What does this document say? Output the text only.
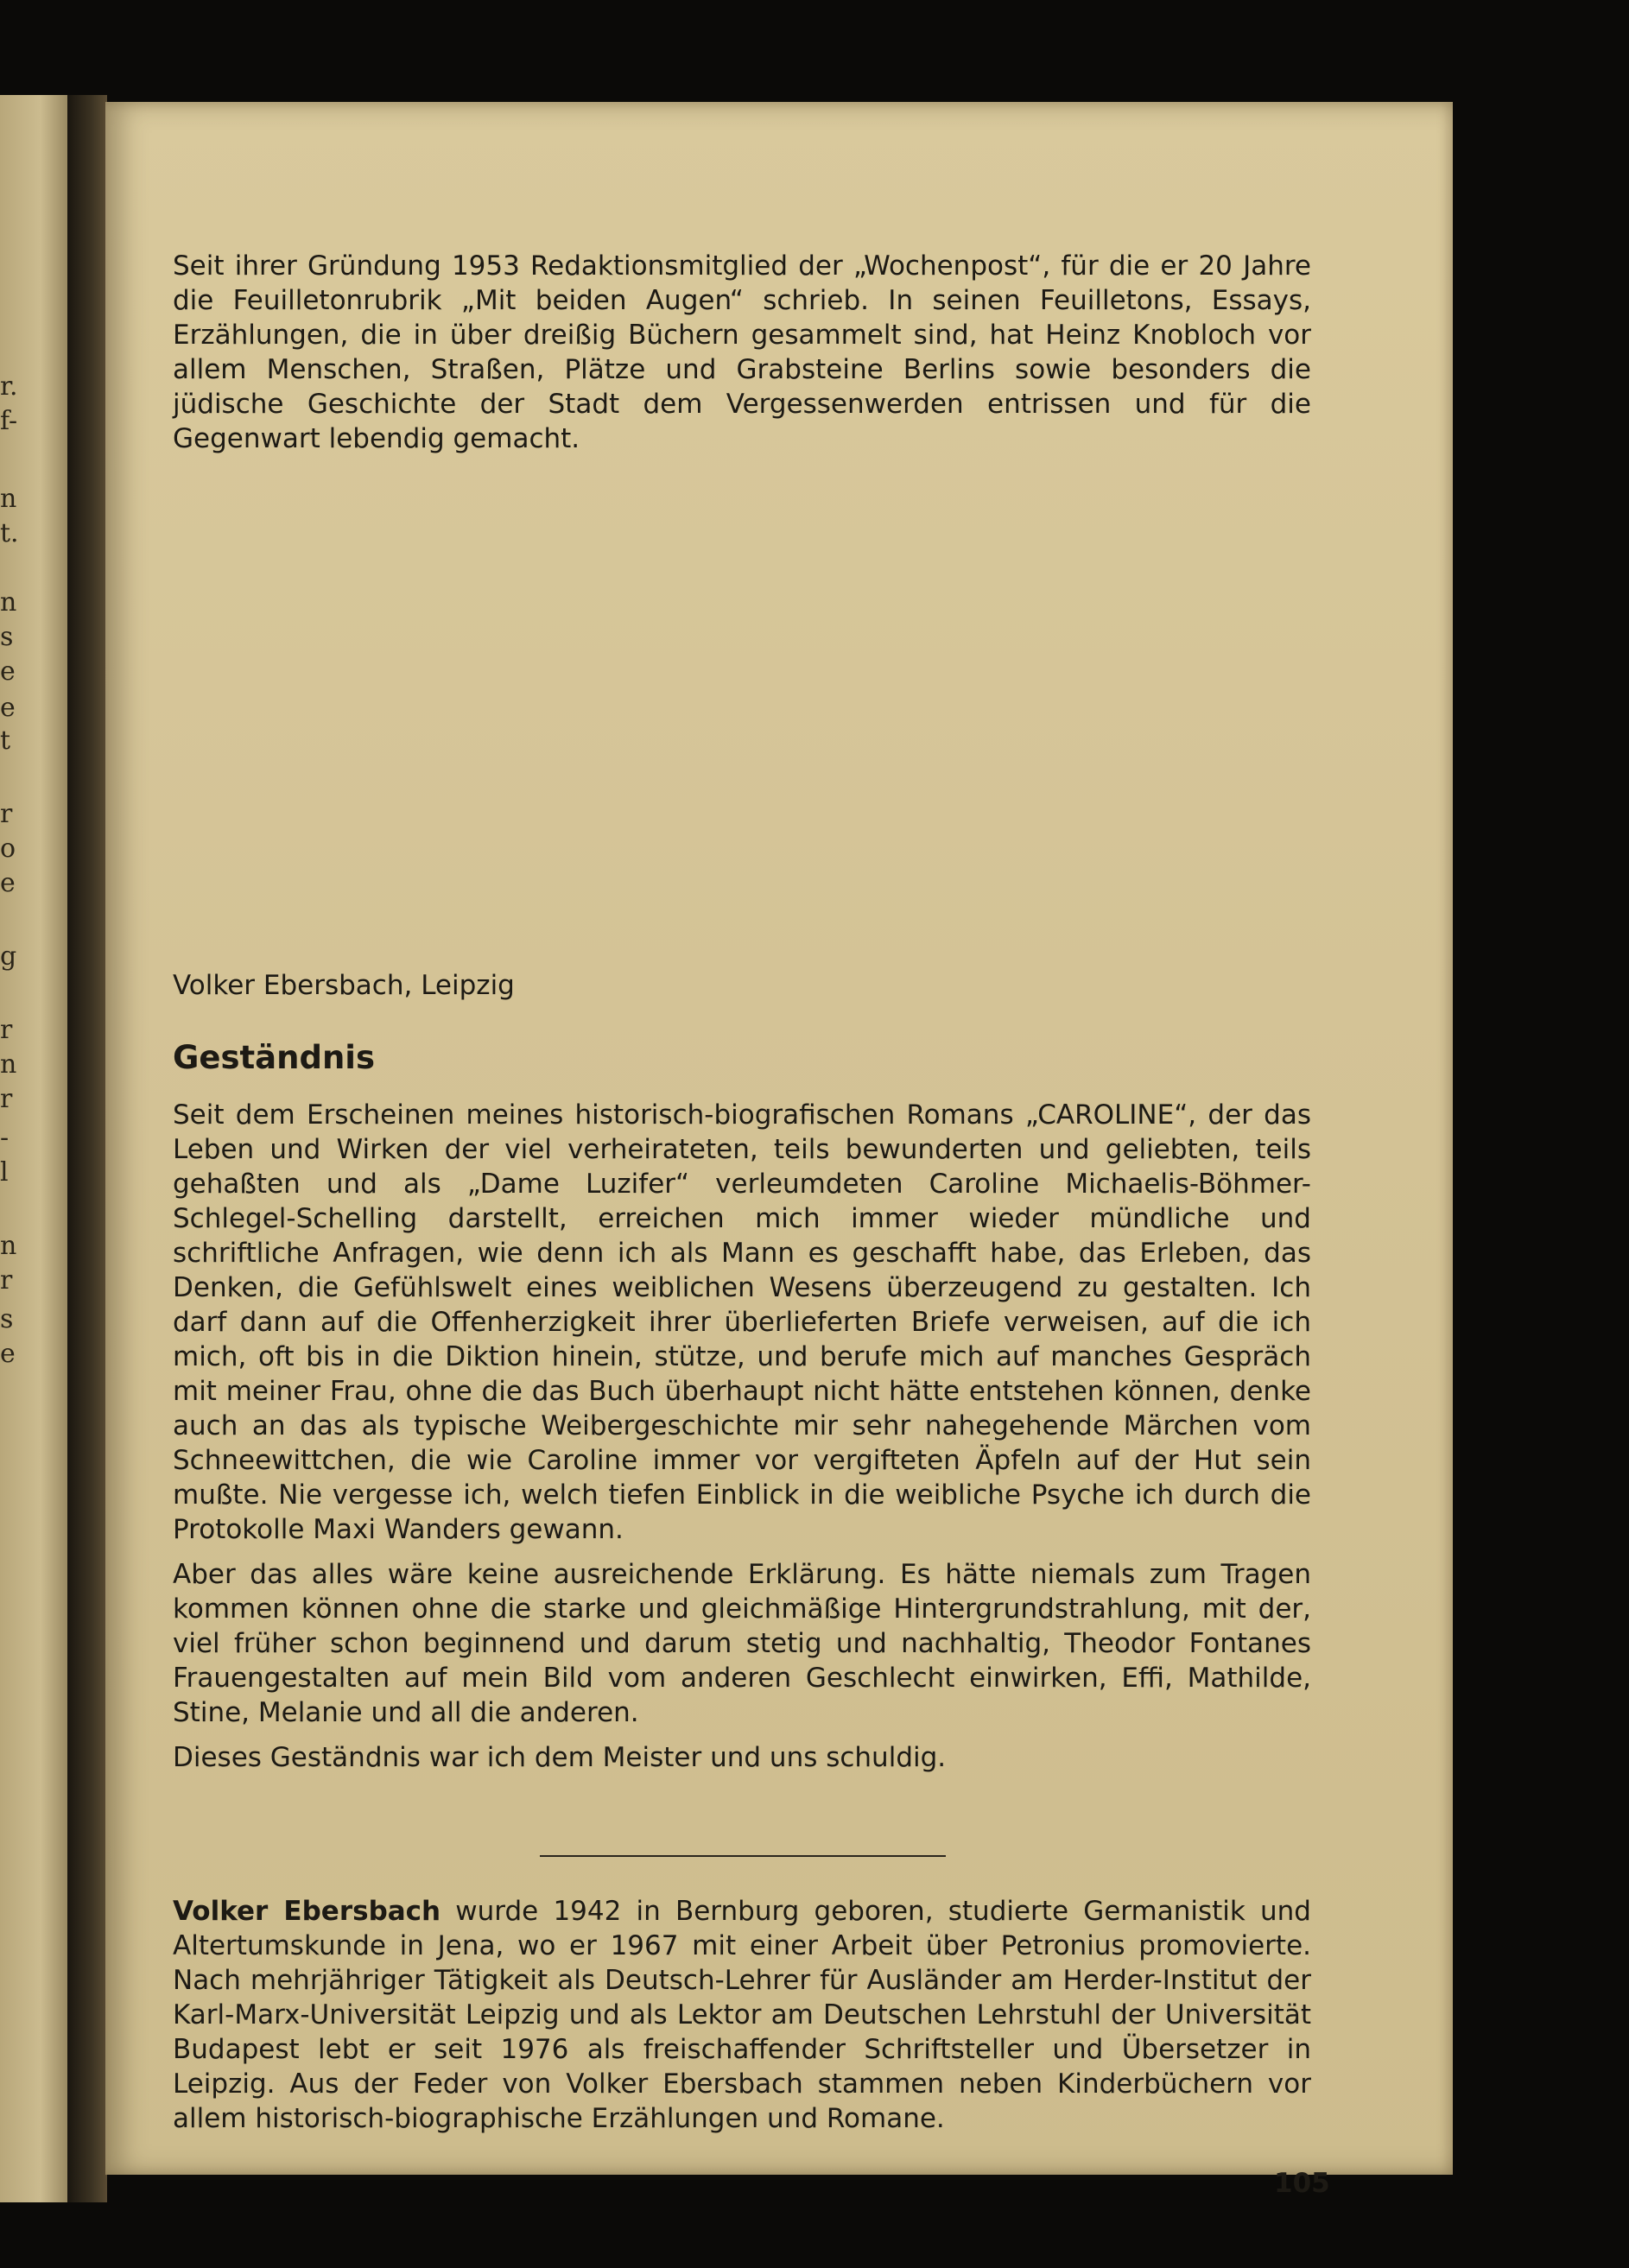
r.
f-
n
t.
n
s
e
e
t
r
o
e
g
r
n
r
-
l
n
r
s
e

Seit ihrer Gründung 1953 Redaktionsmitglied der „Wochenpost“, für die er 20 Jahre die Feuilletonrubrik „Mit beiden Augen“ schrieb. In seinen Feuilletons, Essays, Erzählungen, die in über dreißig Büchern gesammelt sind, hat Heinz Knobloch vor allem Menschen, Straßen, Plätze und Grabsteine Berlins sowie besonders die jüdische Geschichte der Stadt dem Vergessenwerden entrissen und für die Gegenwart lebendig gemacht.

Volker Ebersbach, Leipzig
Geständnis

Seit dem Erscheinen meines historisch-biografischen Romans „CAROLINE“, der das Leben und Wirken der viel verheirateten, teils bewunderten und geliebten, teils gehaßten und als „Dame Luzifer“ verleumdeten Caroline Michaelis-Böhmer-Schlegel-Schelling darstellt, erreichen mich immer wieder mündliche und schriftliche Anfragen, wie denn ich als Mann es geschafft habe, das Erleben, das Denken, die Gefühlswelt eines weiblichen Wesens überzeugend zu gestalten. Ich darf dann auf die Offenherzigkeit ihrer überlieferten Briefe verweisen, auf die ich mich, oft bis in die Diktion hinein, stütze, und berufe mich auf manches Gespräch mit meiner Frau, ohne die das Buch überhaupt nicht hätte entstehen können, denke auch an das als typische Weibergeschichte mir sehr nahegehende Märchen vom Schneewittchen, die wie Caroline immer vor vergifteten Äpfeln auf der Hut sein mußte. Nie vergesse ich, welch tiefen Einblick in die weibliche Psyche ich durch die Protokolle Maxi Wanders gewann.

Aber das alles wäre keine ausreichende Erklärung. Es hätte niemals zum Tragen kommen können ohne die starke und gleichmäßige Hintergrundstrahlung, mit der, viel früher schon beginnend und darum stetig und nachhaltig, Theodor Fontanes Frauengestalten auf mein Bild vom anderen Geschlecht einwirken, Effi, Mathilde, Stine, Melanie und all die anderen.

Dieses Geständnis war ich dem Meister und uns schuldig.

Volker Ebersbach wurde 1942 in Bernburg geboren, studierte Germanistik und Altertumskunde in Jena, wo er 1967 mit einer Arbeit über Petronius promovierte. Nach mehrjähriger Tätigkeit als Deutsch-Lehrer für Ausländer am Herder-Institut der Karl-Marx-Universität Leipzig und als Lektor am Deutschen Lehrstuhl der Universität Budapest lebt er seit 1976 als freischaffender Schriftsteller und Übersetzer in Leipzig. Aus der Feder von Volker Ebersbach stammen neben Kinderbüchern vor allem historisch-biographische Erzählungen und Romane.

105
